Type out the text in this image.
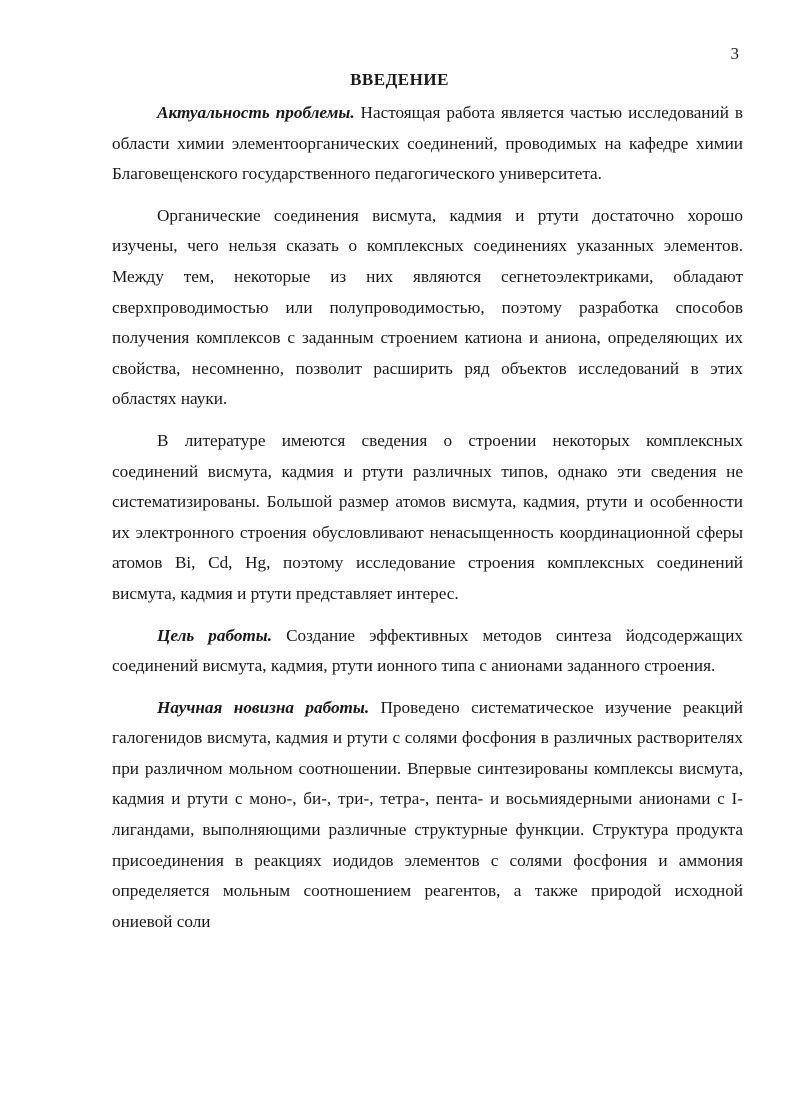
3

ВВЕДЕНИЕ

Актуальность проблемы. Настоящая работа является частью исследований в области химии элементоорганических соединений, проводимых на кафедре химии Благовещенского государственного педагогического университета.

Органические соединения висмута, кадмия и ртути достаточно хорошо изучены, чего нельзя сказать о комплексных соединениях указанных элементов. Между тем, некоторые из них являются сегнетоэлектриками, обладают сверхпроводимостью или полупроводимостью, поэтому разработка способов получения комплексов с заданным строением катиона и аниона, определяющих их свойства, несомненно, позволит расширить ряд объектов исследований в этих областях науки.

В литературе имеются сведения о строении некоторых комплексных соединений висмута, кадмия и ртути различных типов, однако эти сведения не систематизированы. Большой размер атомов висмута, кадмия, ртути и особенности их электронного строения обусловливают ненасыщенность координационной сферы атомов Bi, Cd, Hg, поэтому исследование строения комплексных соединений висмута, кадмия и ртути представляет интерес.

Цель работы. Создание эффективных методов синтеза йодсодержащих соединений висмута, кадмия, ртути ионного типа с анионами заданного строения.

Научная новизна работы. Проведено систематическое изучение реакций галогенидов висмута, кадмия и ртути с солями фосфония в различных растворителях при различном мольном соотношении. Впервые синтезированы комплексы висмута, кадмия и ртути с моно-, би-, три-, тетра-, пента- и восьмиядерными анионами с I-лигандами, выполняющими различные структурные функции. Структура продукта присоединения в реакциях иодидов элементов с солями фосфония и аммония определяется мольным соотношением реагентов, а также природой исходной ониевой соли
